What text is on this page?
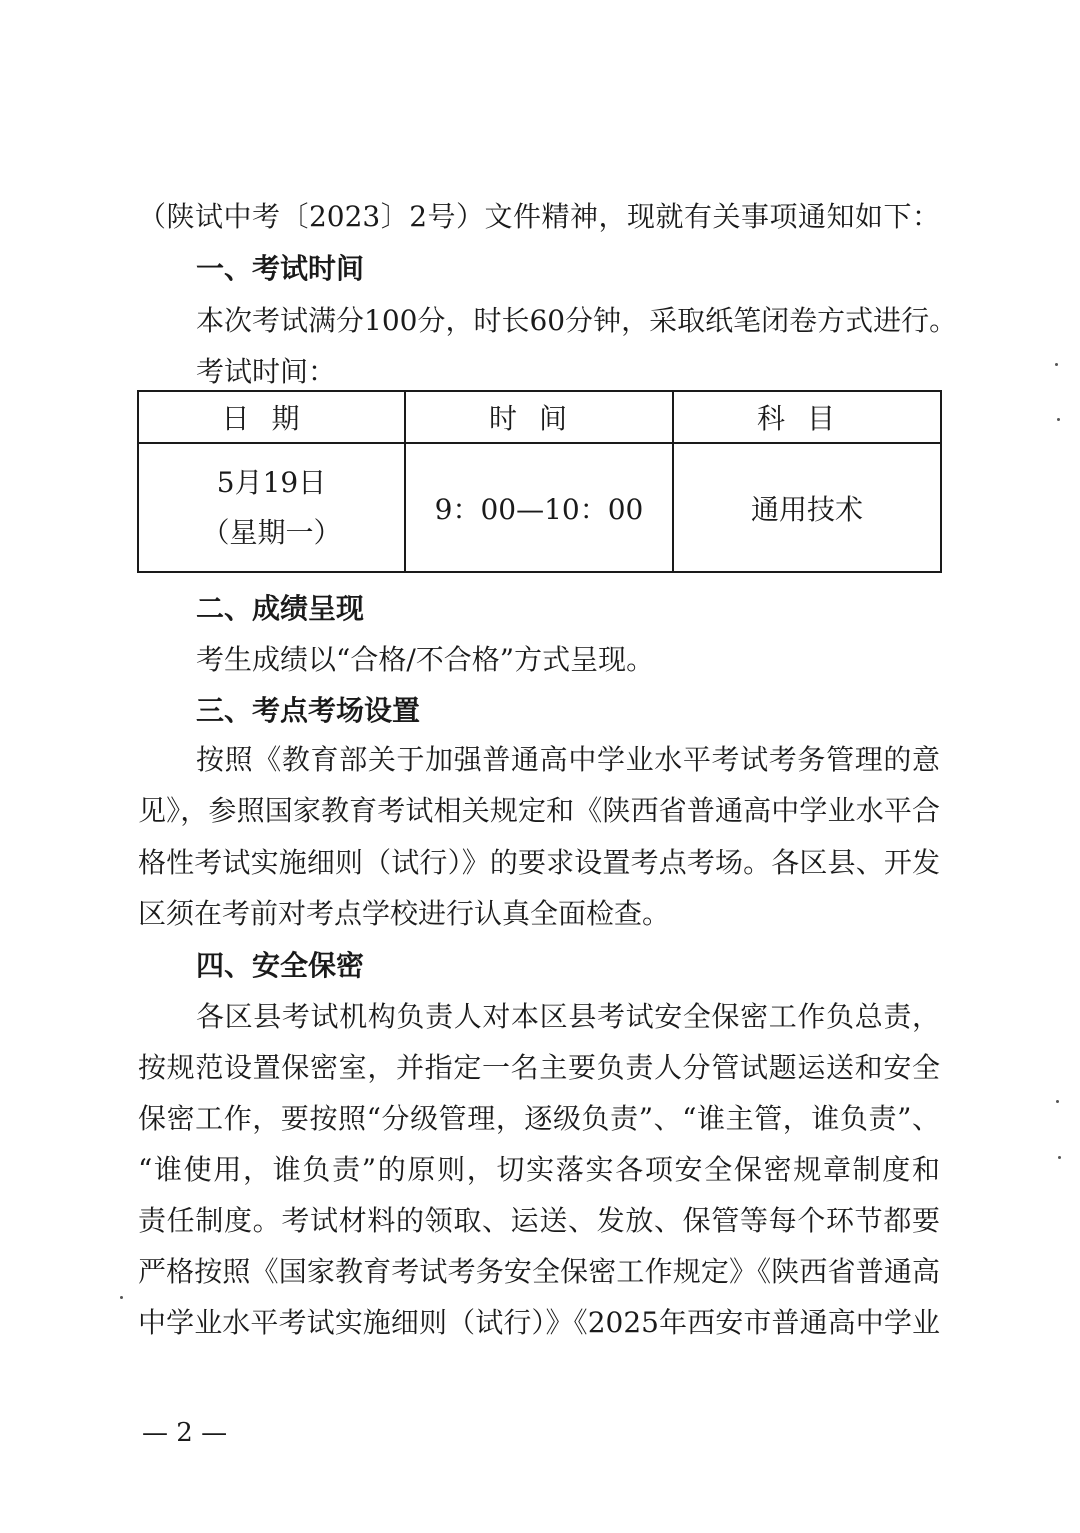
（陕试中考〔2023〕2号）文件精神，现就有关事项通知如下：
一、考试时间
本次考试满分100分，时长60分钟，采取纸笔闭卷方式进行。
考试时间：
日期	时间	科目

5月19日
（星期一）	9：00—10：00	通用技术
二、成绩呈现
考生成绩以“合格/不合格”方式呈现。
三、考点考场设置
按照《教育部关于加强普通高中学业水平考试考务管理的意
见》，参照国家教育考试相关规定和《陕西省普通高中学业水平合
格性考试实施细则（试行）》的要求设置考点考场。各区县、开发
区须在考前对考点学校进行认真全面检查。
四、安全保密
各区县考试机构负责人对本区县考试安全保密工作负总责，
按规范设置保密室，并指定一名主要负责人分管试题运送和安全
保密工作，要按照“分级管理，逐级负责”、“谁主管，谁负责”、
“谁使用，谁负责”的原则，切实落实各项安全保密规章制度和
责任制度。考试材料的领取、运送、发放、保管等每个环节都要
严格按照《国家教育考试考务安全保密工作规定》《陕西省普通高
中学业水平考试实施细则（试行）》《2025年西安市普通高中学业
— 2 —
